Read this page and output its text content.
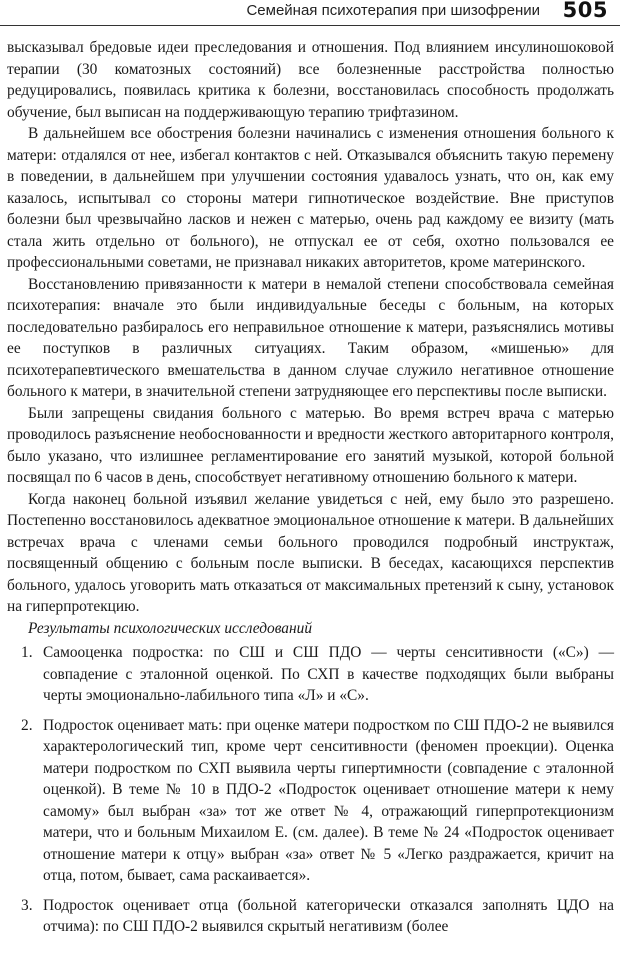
Семейная психотерапия при шизофрении 505

высказывал бредовые идеи преследования и отношения. Под влиянием инсулиношоковой терапии (30 коматозных состояний) все болезненные расстройства полностью редуцировались, появилась критика к болезни, восстановилась способность продолжать обучение, был выписан на поддерживающую терапию трифтазином.

В дальнейшем все обострения болезни начинались с изменения отношения больного к матери: отдалялся от нее, избегал контактов с ней. Отказывался объяснить такую перемену в поведении, в дальнейшем при улучшении состояния удавалось узнать, что он, как ему казалось, испытывал со стороны матери гипнотическое воздействие. Вне приступов болезни был чрезвычайно ласков и нежен с матерью, очень рад каждому ее визиту (мать стала жить отдельно от больного), не отпускал ее от себя, охотно пользовался ее профессиональными советами, не признавал никаких авторитетов, кроме материнского.

Восстановлению привязанности к матери в немалой степени способствовала семейная психотерапия: вначале это были индивидуальные беседы с больным, на которых последовательно разбиралось его неправильное отношение к матери, разъяснялись мотивы ее поступков в различных ситуациях. Таким образом, «мишенью» для психотерапевтического вмешательства в данном случае служило негативное отношение больного к матери, в значительной степени затрудняющее его перспективы после выписки.

Были запрещены свидания больного с матерью. Во время встреч врача с матерью проводилось разъяснение необоснованности и вредности жесткого авторитарного контроля, было указано, что излишнее регламентирование его занятий музыкой, которой больной посвящал по 6 часов в день, способствует негативному отношению больного к матери.

Когда наконец больной изъявил желание увидеться с ней, ему было это разрешено. Постепенно восстановилось адекватное эмоциональное отношение к матери. В дальнейших встречах врача с членами семьи больного проводился подробный инструктаж, посвященный общению с больным после выписки. В беседах, касающихся перспектив больного, удалось уговорить мать отказаться от максимальных претензий к сыну, установок на гиперпротекцию.

Результаты психологических исследований

1. Самооценка подростка: по СШ и СШ ПДО — черты сенситивности («С») — совпадение с эталонной оценкой. По СХП в качестве подходящих были выбраны черты эмоционально-лабильного типа «Л» и «С».
2. Подросток оценивает мать: при оценке матери подростком по СШ ПДО-2 не выявился характерологический тип, кроме черт сенситивности (феномен проекции). Оценка матери подростком по СХП выявила черты гипертимности (совпадение с эталонной оценкой). В теме № 10 в ПДО-2 «Подросток оценивает отношение матери к нему самому» был выбран «за» тот же ответ № 4, отражающий гиперпротекционизм матери, что и больным Михаилом Е. (см. далее). В теме № 24 «Подросток оценивает отношение матери к отцу» выбран «за» ответ № 5 «Легко раздражается, кричит на отца, потом, бывает, сама раскаивается».
3. Подросток оценивает отца (больной категорически отказался заполнять ЦДО на отчима): по СШ ПДО-2 выявился скрытый негативизм (более
